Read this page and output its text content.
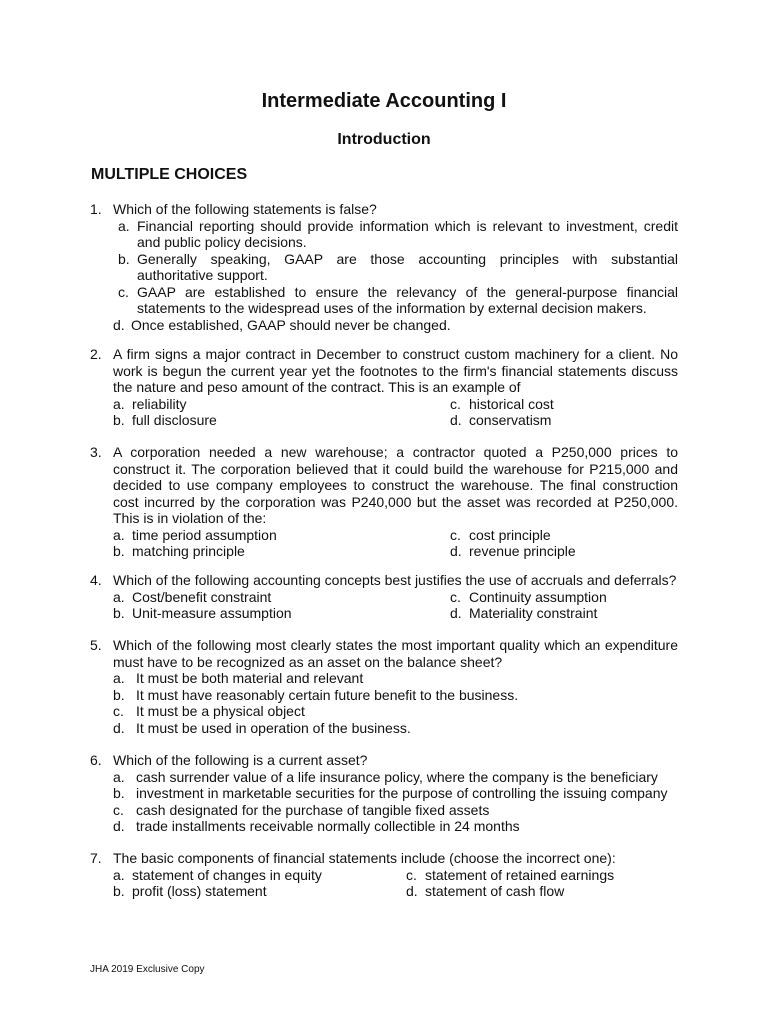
Intermediate Accounting I
Introduction
MULTIPLE CHOICES
1. Which of the following statements is false?
a. Financial reporting should provide information which is relevant to investment, credit and public policy decisions.
b. Generally speaking, GAAP are those accounting principles with substantial authoritative support.
c. GAAP are established to ensure the relevancy of the general-purpose financial statements to the widespread uses of the information by external decision makers.
d. Once established, GAAP should never be changed.
2. A firm signs a major contract in December to construct custom machinery for a client. No work is begun the current year yet the footnotes to the firm's financial statements discuss the nature and peso amount of the contract. This is an example of
a. reliability	c. historical cost
b. full disclosure	d. conservatism
3. A corporation needed a new warehouse; a contractor quoted a P250,000 prices to construct it. The corporation believed that it could build the warehouse for P215,000 and decided to use company employees to construct the warehouse. The final construction cost incurred by the corporation was P240,000 but the asset was recorded at P250,000. This is in violation of the:
a. time period assumption	c. cost principle
b. matching principle	d. revenue principle
4. Which of the following accounting concepts best justifies the use of accruals and deferrals?
a. Cost/benefit constraint	c. Continuity assumption
b. Unit-measure assumption	d. Materiality constraint
5. Which of the following most clearly states the most important quality which an expenditure must have to be recognized as an asset on the balance sheet?
a. It must be both material and relevant
b. It must have reasonably certain future benefit to the business.
c. It must be a physical object
d. It must be used in operation of the business.
6. Which of the following is a current asset?
a. cash surrender value of a life insurance policy, where the company is the beneficiary
b. investment in marketable securities for the purpose of controlling the issuing company
c. cash designated for the purchase of tangible fixed assets
d. trade installments receivable normally collectible in 24 months
7. The basic components of financial statements include (choose the incorrect one):
a. statement of changes in equity	c. statement of retained earnings
b. profit (loss) statement	d. statement of cash flow
JHA 2019 Exclusive Copy
